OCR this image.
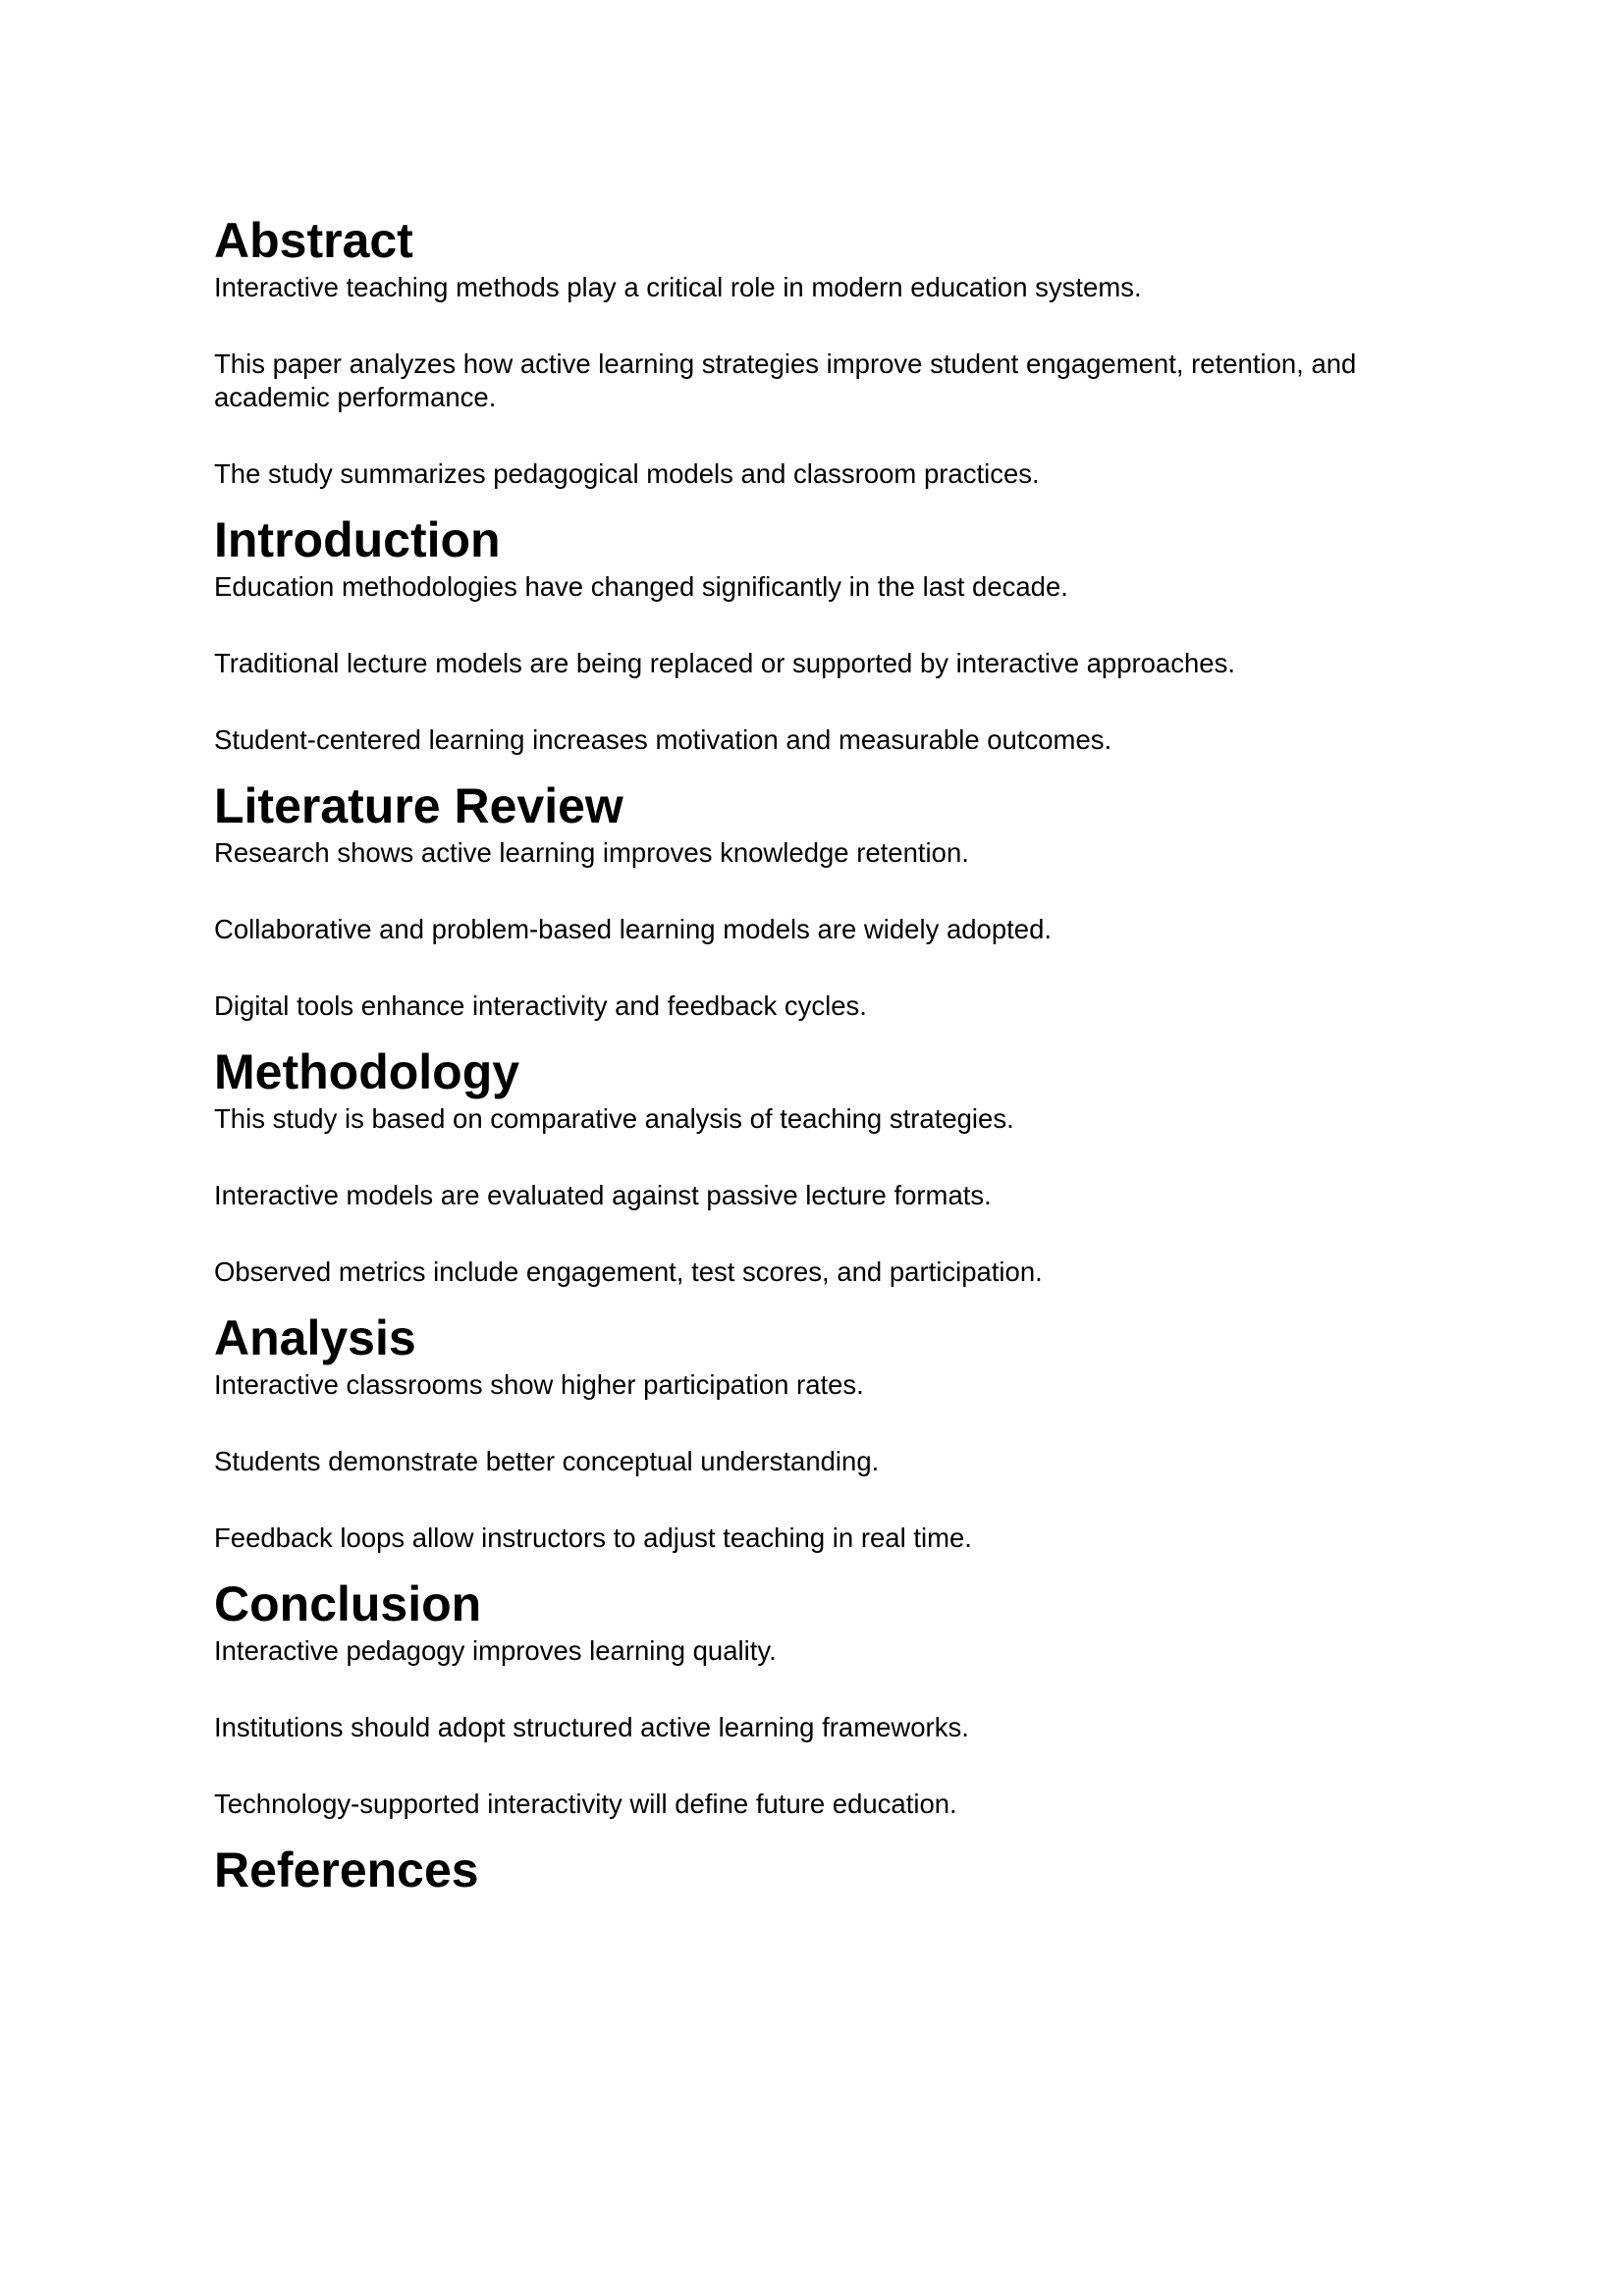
Abstract

Interactive teaching methods play a critical role in modern education systems.

This paper analyzes how active learning strategies improve student engagement, retention, and academic performance.

The study summarizes pedagogical models and classroom practices.

Introduction

Education methodologies have changed significantly in the last decade.

Traditional lecture models are being replaced or supported by interactive approaches.

Student-centered learning increases motivation and measurable outcomes.

Literature Review

Research shows active learning improves knowledge retention.

Collaborative and problem-based learning models are widely adopted.

Digital tools enhance interactivity and feedback cycles.

Methodology

This study is based on comparative analysis of teaching strategies.

Interactive models are evaluated against passive lecture formats.

Observed metrics include engagement, test scores, and participation.

Analysis

Interactive classrooms show higher participation rates.

Students demonstrate better conceptual understanding.

Feedback loops allow instructors to adjust teaching in real time.

Conclusion

Interactive pedagogy improves learning quality.

Institutions should adopt structured active learning frameworks.

Technology-supported interactivity will define future education.

References
